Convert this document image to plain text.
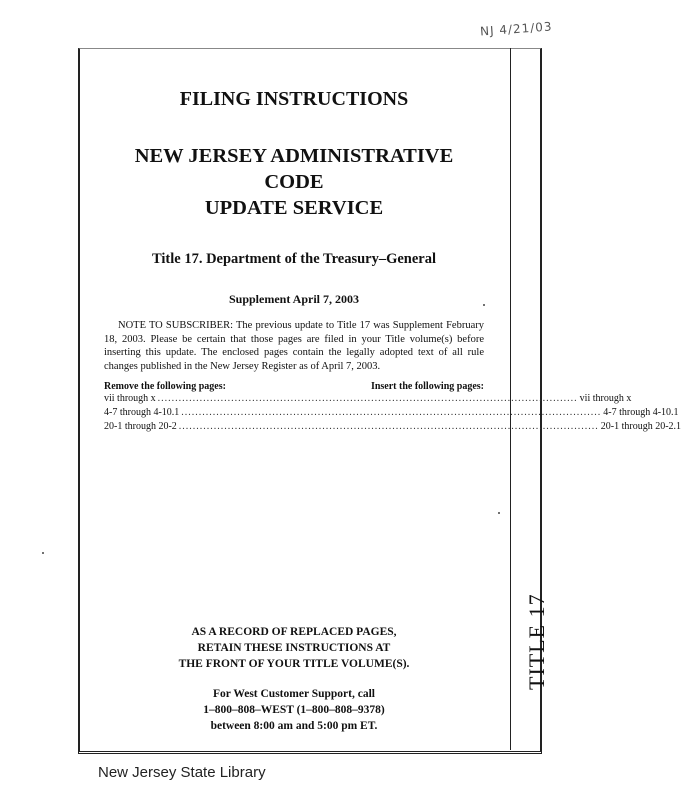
NJ 4/21/03
TITLE 17
FILING INSTRUCTIONS
NEW JERSEY ADMINISTRATIVE CODE
UPDATE SERVICE
Title 17. Department of the Treasury–General
Supplement April 7, 2003

NOTE TO SUBSCRIBER: The previous update to Title 17 was Supplement February 18, 2003. Please be certain that those pages are filed in your Title volume(s) before inserting this update. The enclosed pages contain the legally adopted text of all rule changes published in the New Jersey Register as of April 7, 2003.

Remove the following pages:	Insert the following pages:
vii through x ........................................................................................................................ vii through x
4-7 through 4-10.1 ........................................................................................................................ 4-7 through 4-10.1
20-1 through 20-2 ........................................................................................................................ 20-1 through 20-2.1

AS A RECORD OF REPLACED PAGES,

RETAIN THESE INSTRUCTIONS AT

THE FRONT OF YOUR TITLE VOLUME(S).

For West Customer Support, call

1–800–808–WEST (1–800–808–9378)

between 8:00 am and 5:00 pm ET.

New Jersey State Library
